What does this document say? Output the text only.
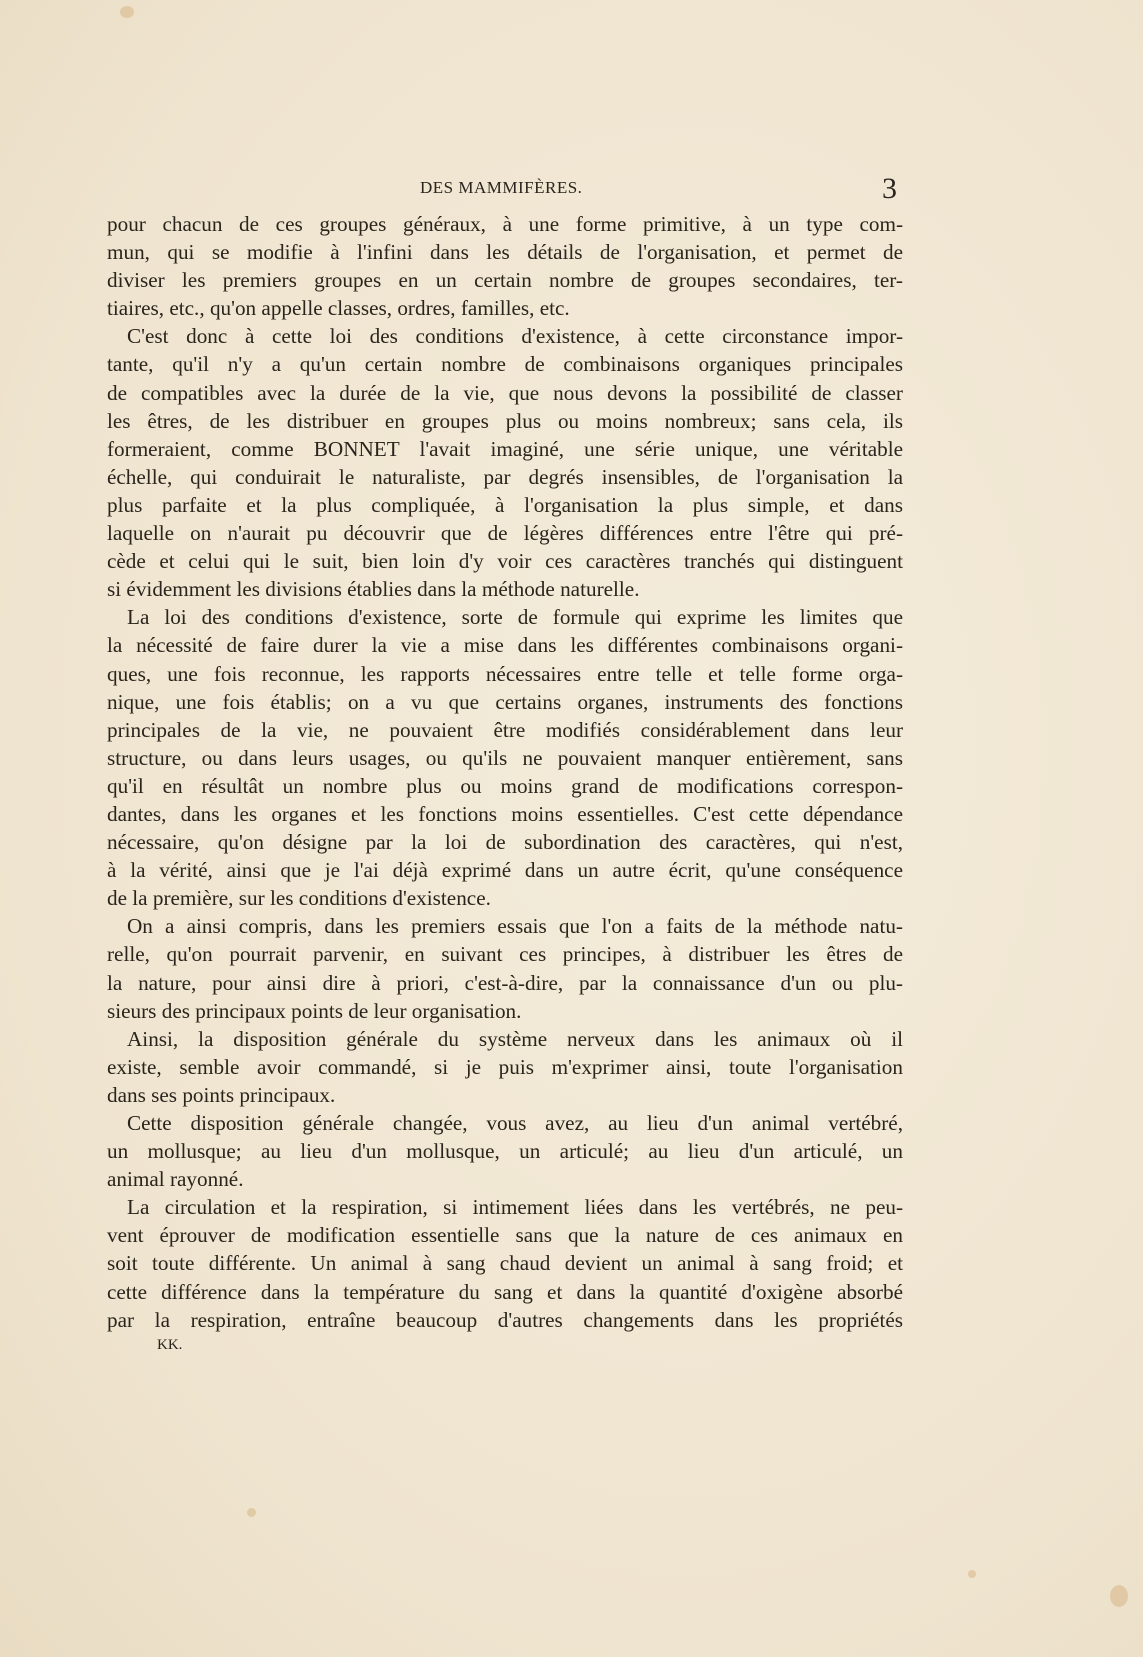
DES MAMMIFÈRES.	3
pour chacun de ces groupes généraux, à une forme primitive, à un type com-
mun, qui se modifie à l'infini dans les détails de l'organisation, et permet de
diviser les premiers groupes en un certain nombre de groupes secondaires, ter-
tiaires, etc., qu'on appelle classes, ordres, familles, etc.
C'est donc à cette loi des conditions d'existence, à cette circonstance impor-
tante, qu'il n'y a qu'un certain nombre de combinaisons organiques principales
de compatibles avec la durée de la vie, que nous devons la possibilité de classer
les êtres, de les distribuer en groupes plus ou moins nombreux; sans cela, ils
formeraient, comme BONNET l'avait imaginé, une série unique, une véritable
échelle, qui conduirait le naturaliste, par degrés insensibles, de l'organisation la
plus parfaite et la plus compliquée, à l'organisation la plus simple, et dans
laquelle on n'aurait pu découvrir que de légères différences entre l'être qui pré-
cède et celui qui le suit, bien loin d'y voir ces caractères tranchés qui distinguent
si évidemment les divisions établies dans la méthode naturelle.
La loi des conditions d'existence, sorte de formule qui exprime les limites que
la nécessité de faire durer la vie a mise dans les différentes combinaisons organi-
ques, une fois reconnue, les rapports nécessaires entre telle et telle forme orga-
nique, une fois établis; on a vu que certains organes, instruments des fonctions
principales de la vie, ne pouvaient être modifiés considérablement dans leur
structure, ou dans leurs usages, ou qu'ils ne pouvaient manquer entièrement, sans
qu'il en résultât un nombre plus ou moins grand de modifications correspon-
dantes, dans les organes et les fonctions moins essentielles. C'est cette dépendance
nécessaire, qu'on désigne par la loi de subordination des caractères, qui n'est,
à la vérité, ainsi que je l'ai déjà exprimé dans un autre écrit, qu'une conséquence
de la première, sur les conditions d'existence.
On a ainsi compris, dans les premiers essais que l'on a faits de la méthode natu-
relle, qu'on pourrait parvenir, en suivant ces principes, à distribuer les êtres de
la nature, pour ainsi dire à priori, c'est-à-dire, par la connaissance d'un ou plu-
sieurs des principaux points de leur organisation.
Ainsi, la disposition générale du système nerveux dans les animaux où il
existe, semble avoir commandé, si je puis m'exprimer ainsi, toute l'organisation
dans ses points principaux.
Cette disposition générale changée, vous avez, au lieu d'un animal vertébré,
un mollusque; au lieu d'un mollusque, un articulé; au lieu d'un articulé, un
animal rayonné.
La circulation et la respiration, si intimement liées dans les vertébrés, ne peu-
vent éprouver de modification essentielle sans que la nature de ces animaux en
soit toute différente. Un animal à sang chaud devient un animal à sang froid; et
cette différence dans la température du sang et dans la quantité d'oxigène absorbé
par la respiration, entraîne beaucoup d'autres changements dans les propriétés
KK.
